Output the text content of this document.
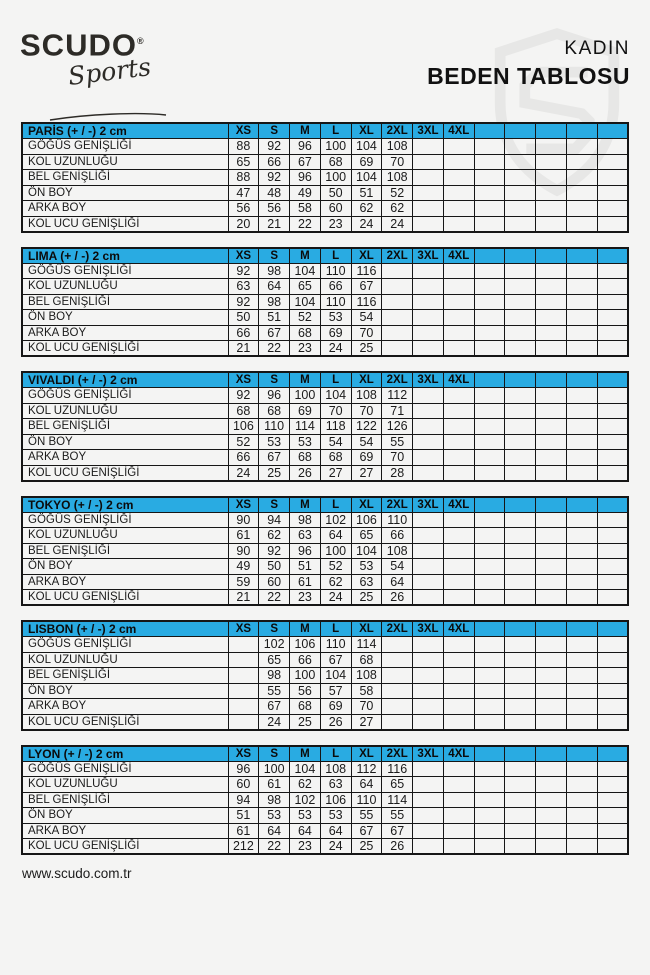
SCUDO®
Sports
KADIN
BEDEN TABLOSU
PARİS (+ / -) 2 cm	XS	S	M	L	XL	2XL	3XL	4XL					
GÖĞÜS GENİŞLİĞİ	88	92	96	100	104	108							
KOL UZUNLUĞU	65	66	67	68	69	70							
BEL GENİŞLİĞİ	88	92	96	100	104	108							
ÖN BOY	47	48	49	50	51	52							
ARKA BOY	56	56	58	60	62	62							
KOL UCU GENİŞLİĞİ	20	21	22	23	24	24							
LIMA (+ / -) 2 cm	XS	S	M	L	XL	2XL	3XL	4XL					
GÖĞÜS GENİŞLİĞİ	92	98	104	110	116								
KOL UZUNLUĞU	63	64	65	66	67								
BEL GENİŞLİĞİ	92	98	104	110	116								
ÖN BOY	50	51	52	53	54								
ARKA BOY	66	67	68	69	70								
KOL UCU GENİŞLİĞİ	21	22	23	24	25								
VIVALDI (+ / -) 2 cm	XS	S	M	L	XL	2XL	3XL	4XL					
GÖĞÜS GENİŞLİĞİ	92	96	100	104	108	112							
KOL UZUNLUĞU	68	68	69	70	70	71							
BEL GENİŞLİĞİ	106	110	114	118	122	126							
ÖN BOY	52	53	53	54	54	55							
ARKA BOY	66	67	68	68	69	70							
KOL UCU GENİŞLİĞİ	24	25	26	27	27	28							
TOKYO (+ / -) 2 cm	XS	S	M	L	XL	2XL	3XL	4XL					
GÖĞÜS GENİŞLİĞİ	90	94	98	102	106	110							
KOL UZUNLUĞU	61	62	63	64	65	66							
BEL GENİŞLİĞİ	90	92	96	100	104	108							
ÖN BOY	49	50	51	52	53	54							
ARKA BOY	59	60	61	62	63	64							
KOL UCU GENİŞLİĞİ	21	22	23	24	25	26							
LISBON (+ / -) 2 cm	XS	S	M	L	XL	2XL	3XL	4XL					
GÖĞÜS GENİŞLİĞİ		102	106	110	114								
KOL UZUNLUĞU		65	66	67	68								
BEL GENİŞLİĞİ		98	100	104	108								
ÖN BOY		55	56	57	58								
ARKA BOY		67	68	69	70								
KOL UCU GENİŞLİĞİ		24	25	26	27								
LYON (+ / -) 2 cm	XS	S	M	L	XL	2XL	3XL	4XL					
GÖĞÜS GENİŞLİĞİ	96	100	104	108	112	116							
KOL UZUNLUĞU	60	61	62	63	64	65							
BEL GENİŞLİĞİ	94	98	102	106	110	114							
ÖN BOY	51	53	53	53	55	55							
ARKA BOY	61	64	64	64	67	67							
KOL UCU GENİŞLİĞİ	212	22	23	24	25	26							
www.scudo.com.tr
